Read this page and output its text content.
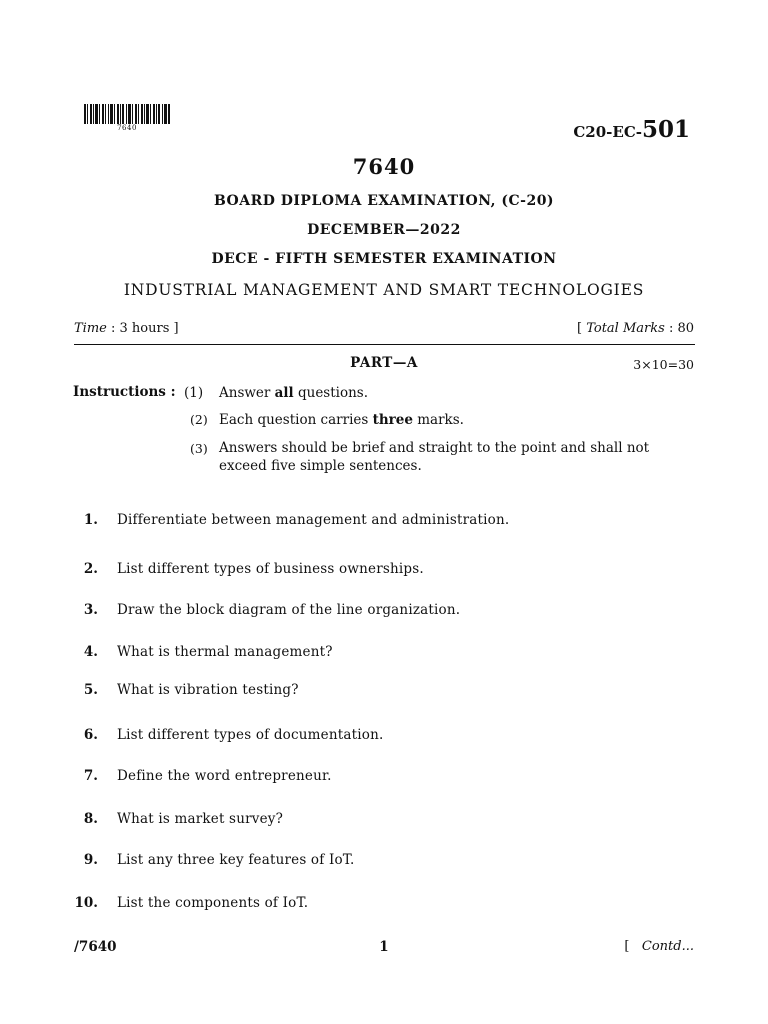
7640	C20-EC-501
7640
BOARD DIPLOMA EXAMINATION, (C-20)
DECEMBER—2022
DECE - FIFTH SEMESTER EXAMINATION
INDUSTRIAL MANAGEMENT AND SMART TECHNOLOGIES
Time : 3 hours ]	[ Total Marks : 80
PART—A	3×10=30
Instructions : (1) Answer all questions.
(2) Each question carries three marks.
(3) Answers should be brief and straight to the point and shall not exceed five simple sentences.
1. Differentiate between management and administration.
2. List different types of business ownerships.
3. Draw the block diagram of the line organization.
4. What is thermal management?
5. What is vibration testing?
6. List different types of documentation.
7. Define the word entrepreneur.
8. What is market survey?
9. List any three key features of IoT.
10. List the components of IoT.
/7640	1	[ Contd...
